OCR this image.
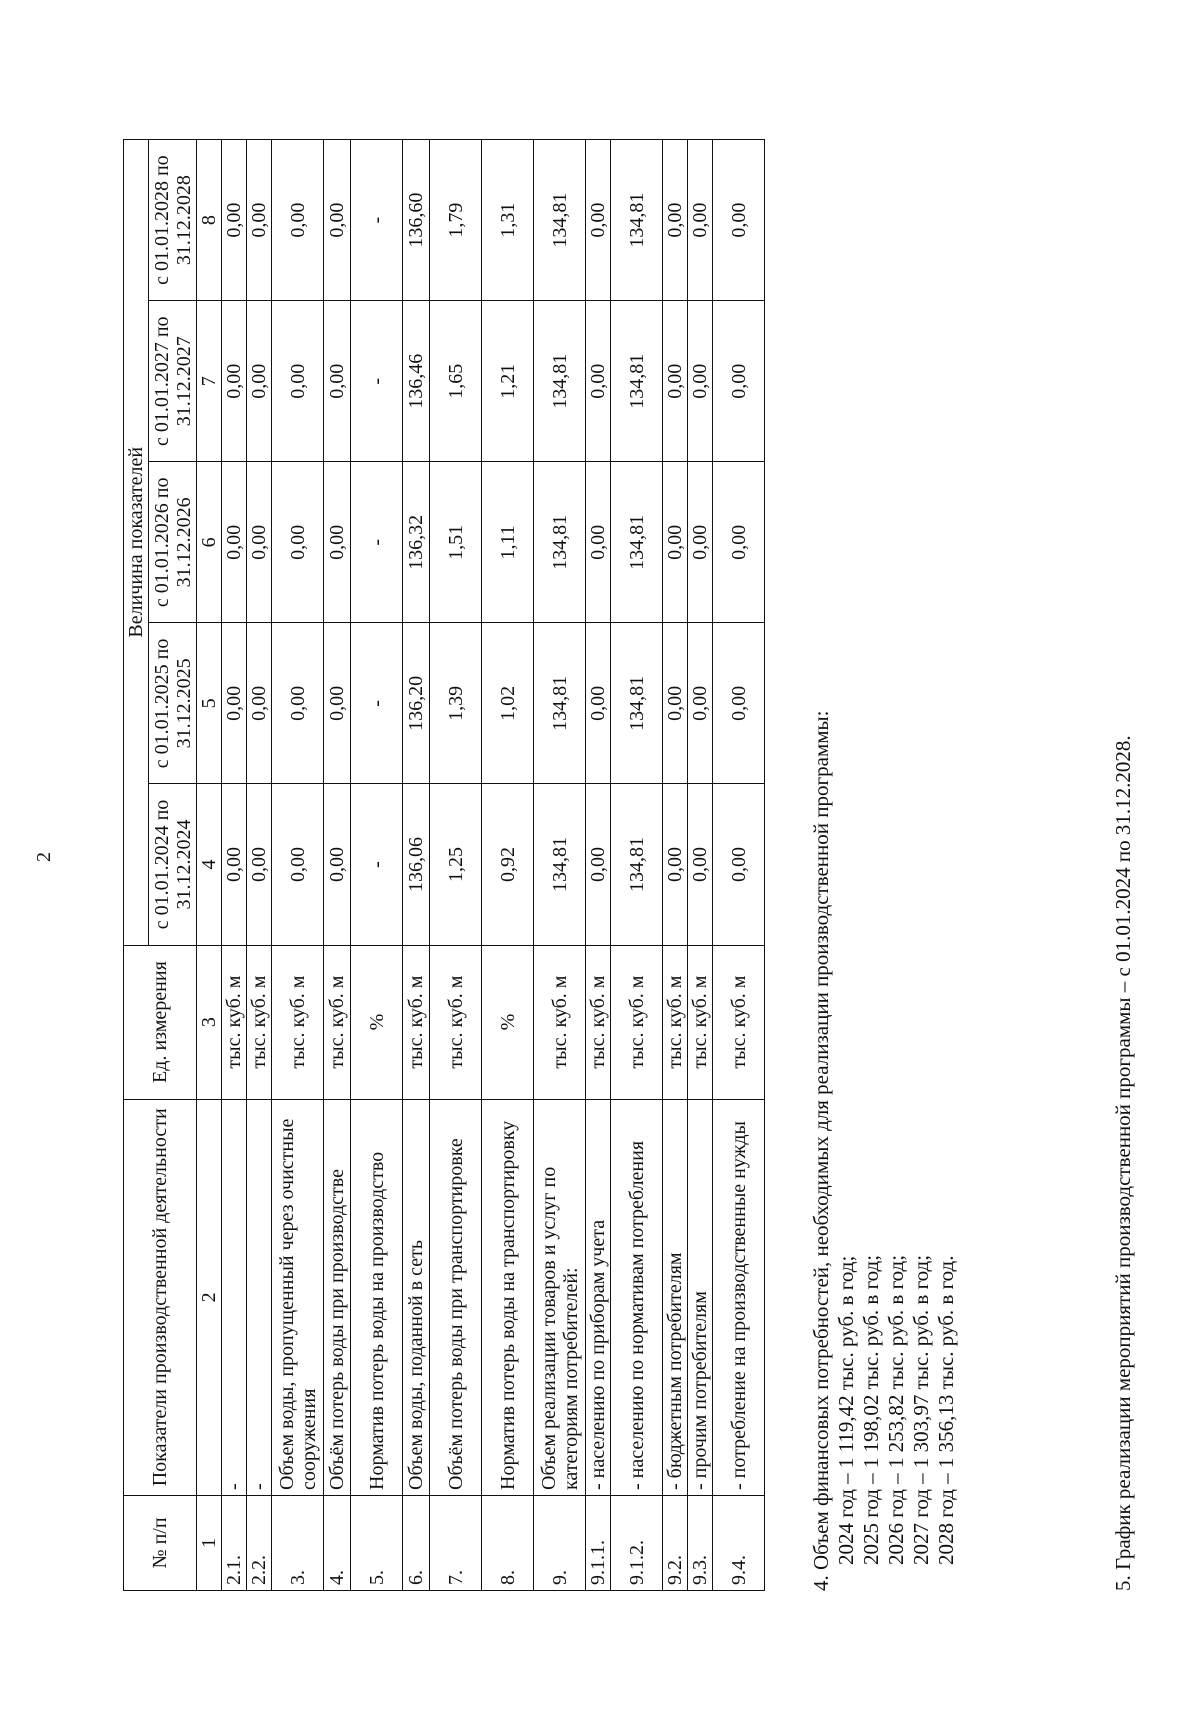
2
№ п/п	Показатели производственной деятельности	Ед. измерения	Величина показателей				
			с 01.01.2024 по 31.12.2024	с 01.01.2025 по 31.12.2025	с 01.01.2026 по 31.12.2026	с 01.01.2027 по 31.12.2027	с 01.01.2028 по 31.12.2028
1	2	3	4	5	6	7	8
2.1.	-	тыс. куб. м	0,00	0,00	0,00	0,00	0,00
2.2.	-	тыс. куб. м	0,00	0,00	0,00	0,00	0,00
3.	Объем воды, пропущенный через очистные сооружения	тыс. куб. м	0,00	0,00	0,00	0,00	0,00
4.	Объём потерь воды при производстве	тыс. куб. м	0,00	0,00	0,00	0,00	0,00
5.	Норматив потерь воды на производство	%	-	-	-	-	-
6.	Объем воды, поданной в сеть	тыс. куб. м	136,06	136,20	136,32	136,46	136,60
7.	Объём потерь воды при транспортировке	тыс. куб. м	1,25	1,39	1,51	1,65	1,79
8.	Норматив потерь воды на транспортировку	%	0,92	1,02	1,11	1,21	1,31
9.	Объем реализации товаров и услуг по категориям потребителей:	тыс. куб. м	134,81	134,81	134,81	134,81	134,81
9.1.1.	- населению по приборам учета	тыс. куб. м	0,00	0,00	0,00	0,00	0,00
9.1.2.	- населению по нормативам потребления	тыс. куб. м	134,81	134,81	134,81	134,81	134,81
9.2.	- бюджетным потребителям	тыс. куб. м	0,00	0,00	0,00	0,00	0,00
9.3.	- прочим потребителям	тыс. куб. м	0,00	0,00	0,00	0,00	0,00
9.4.	- потребление на производственные нужды	тыс. куб. м	0,00	0,00	0,00	0,00	0,00
4. Объем финансовых потребностей, необходимых для реализации производственной программы: 2024 год – 1 119,42 тыс. руб. в год; 2025 год – 1 198,02 тыс. руб. в год; 2026 год – 1 253,82 тыс. руб. в год; 2027 год – 1 303,97 тыс. руб. в год; 2028 год – 1 356,13 тыс. руб. в год.	5. График реализации мероприятий производственной программы – с 01.01.2024 по 31.12.2028.
